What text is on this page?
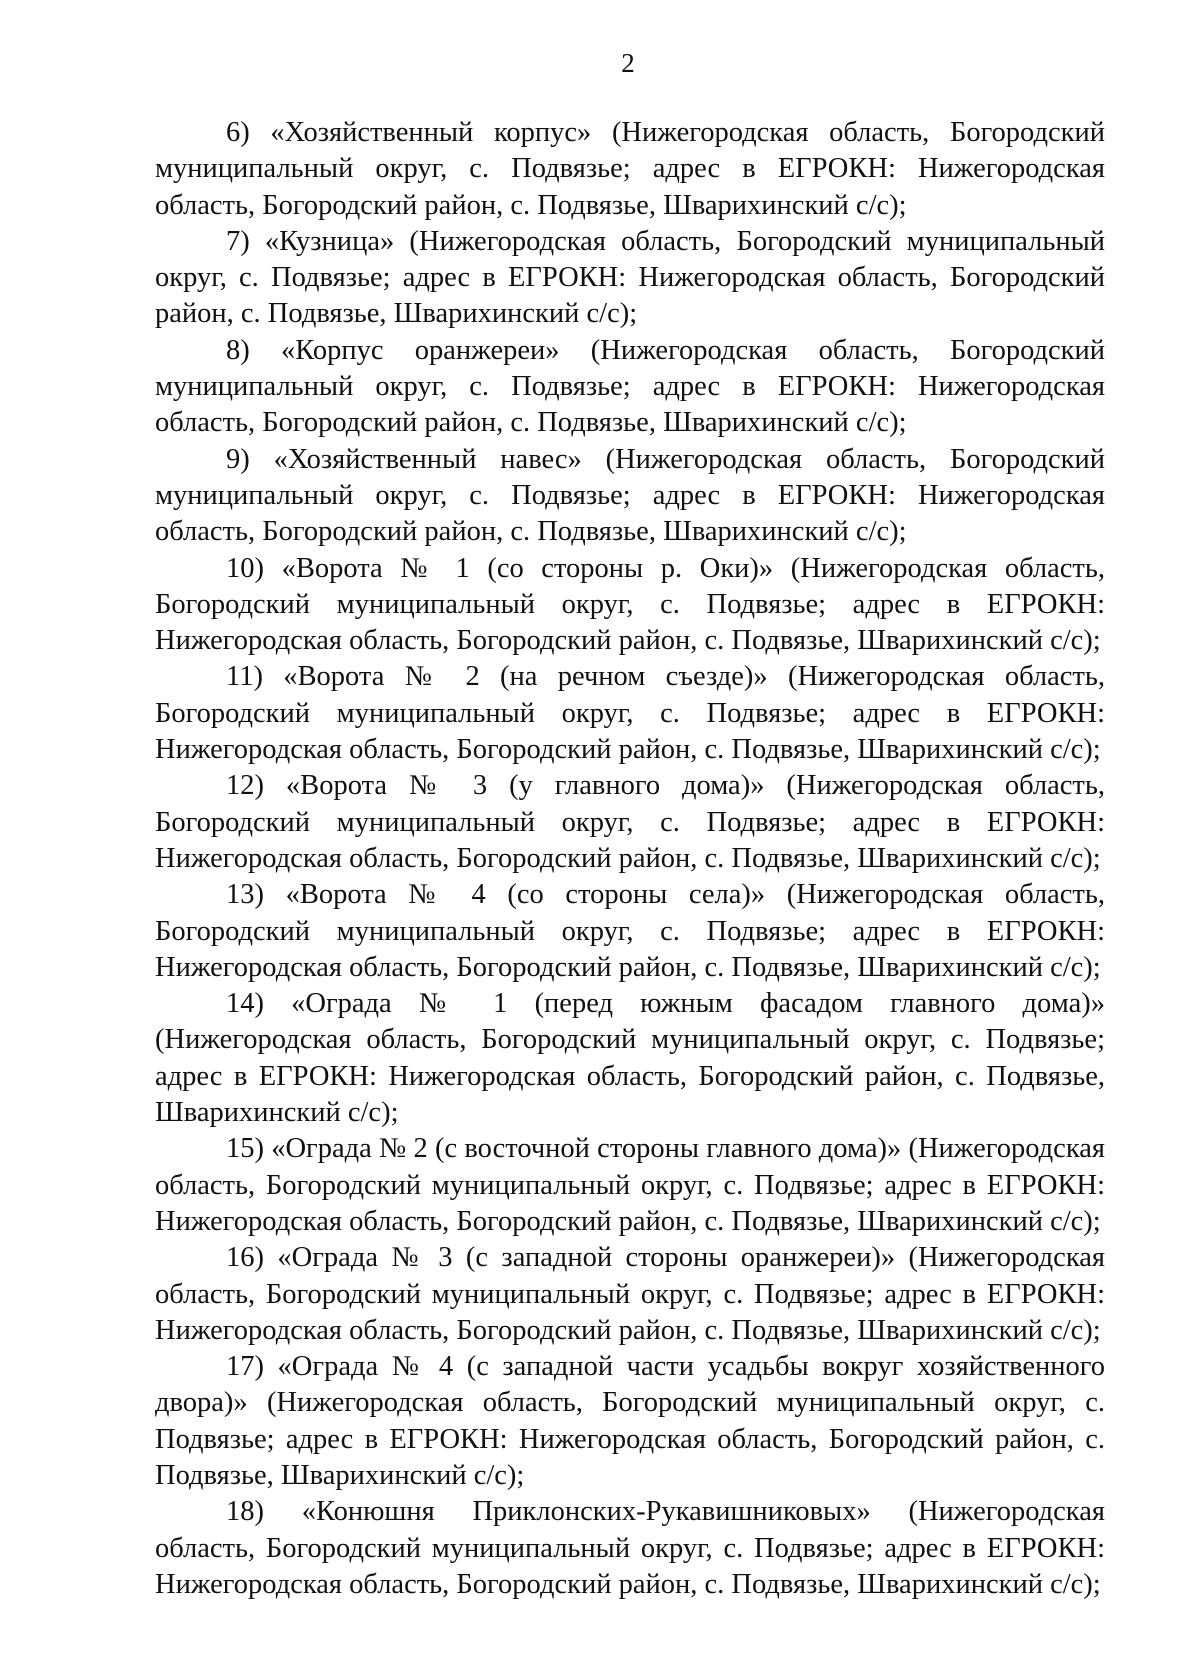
2

6) «Хозяйственный корпус» (Нижегородская область, Богородский муниципальный округ, с. Подвязье; адрес в ЕГРОКН: Нижегородская область, Богородский район, с. Подвязье, Шварихинский с/с);

7) «Кузница» (Нижегородская область, Богородский муниципальный округ, с. Подвязье; адрес в ЕГРОКН: Нижегородская область, Богородский район, с. Подвязье, Шварихинский с/с);

8) «Корпус оранжереи» (Нижегородская область, Богородский муниципальный округ, с. Подвязье; адрес в ЕГРОКН: Нижегородская область, Богородский район, с. Подвязье, Шварихинский с/с);

9) «Хозяйственный навес» (Нижегородская область, Богородский муниципальный округ, с. Подвязье; адрес в ЕГРОКН: Нижегородская область, Богородский район, с. Подвязье, Шварихинский с/с);

10) «Ворота № 1 (со стороны р. Оки)» (Нижегородская область, Богородский муниципальный округ, с. Подвязье; адрес в ЕГРОКН: Нижегородская область, Богородский район, с. Подвязье, Шварихинский с/с);

11) «Ворота № 2 (на речном съезде)» (Нижегородская область, Богородский муниципальный округ, с. Подвязье; адрес в ЕГРОКН: Нижегородская область, Богородский район, с. Подвязье, Шварихинский с/с);

12) «Ворота № 3 (у главного дома)» (Нижегородская область, Богородский муниципальный округ, с. Подвязье; адрес в ЕГРОКН: Нижегородская область, Богородский район, с. Подвязье, Шварихинский с/с);

13) «Ворота № 4 (со стороны села)» (Нижегородская область, Богородский муниципальный округ, с. Подвязье; адрес в ЕГРОКН: Нижегородская область, Богородский район, с. Подвязье, Шварихинский с/с);

14) «Ограда № 1 (перед южным фасадом главного дома)» (Нижегородская область, Богородский муниципальный округ, с. Подвязье; адрес в ЕГРОКН: Нижегородская область, Богородский район, с. Подвязье, Шварихинский с/с);

15) «Ограда № 2 (с восточной стороны главного дома)» (Нижегородская область, Богородский муниципальный округ, с. Подвязье; адрес в ЕГРОКН: Нижегородская область, Богородский район, с. Подвязье, Шварихинский с/с);

16) «Ограда № 3 (с западной стороны оранжереи)» (Нижегородская область, Богородский муниципальный округ, с. Подвязье; адрес в ЕГРОКН: Нижегородская область, Богородский район, с. Подвязье, Шварихинский с/с);

17) «Ограда № 4 (с западной части усадьбы вокруг хозяйственного двора)» (Нижегородская область, Богородский муниципальный округ, с. Подвязье; адрес в ЕГРОКН: Нижегородская область, Богородский район, с. Подвязье, Шварихинский с/с);

18) «Конюшня Приклонских-Рукавишниковых» (Нижегородская область, Богородский муниципальный округ, с. Подвязье; адрес в ЕГРОКН: Нижегородская область, Богородский район, с. Подвязье, Шварихинский с/с);
